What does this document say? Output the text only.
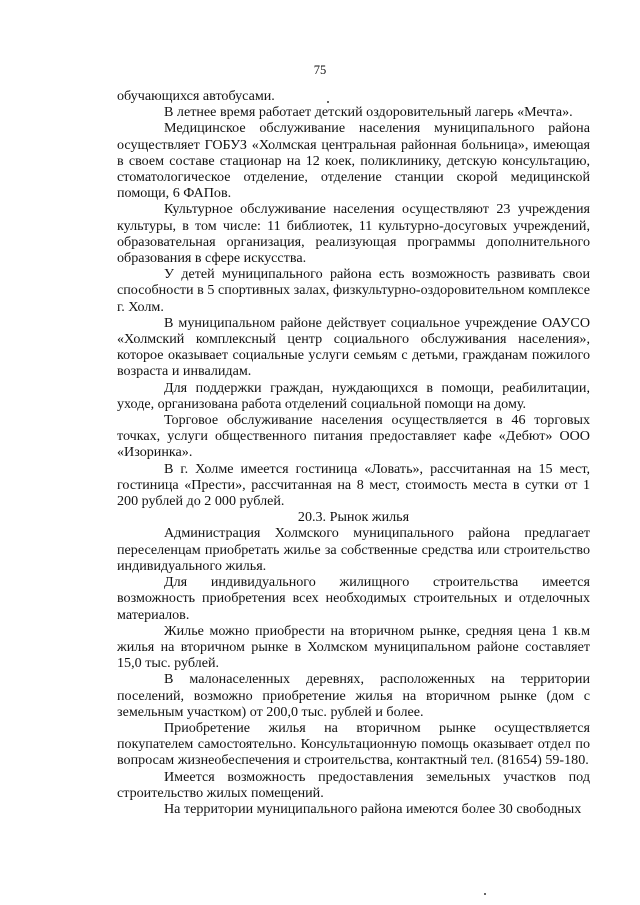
75

обучающихся автобусами.

В летнее время работает детский оздоровительный лагерь «Мечта».

Медицинское обслуживание населения муниципального района осуществляет ГОБУЗ «Холмская центральная районная больница», имеющая в своем составе стационар на 12 коек, поликлинику, детскую консультацию, стоматологическое отделение, отделение станции скорой медицинской помощи, 6 ФАПов.

Культурное обслуживание населения осуществляют 23 учреждения культуры, в том числе: 11 библиотек, 11 культурно-досуговых учреждений, образовательная организация, реализующая программы дополнительного образования в сфере искусства.

У детей муниципального района есть возможность развивать свои способности в 5 спортивных залах, физкультурно-оздоровительном комплексе г. Холм.

В муниципальном районе действует социальное учреждение ОАУСО «Холмский комплексный центр социального обслуживания населения», которое оказывает социальные услуги семьям с детьми, гражданам пожилого возраста и инвалидам.

Для поддержки граждан, нуждающихся в помощи, реабилитации, уходе, организована работа отделений социальной помощи на дому.

Торговое обслуживание населения осуществляется в 46 торговых точках, услуги общественного питания предоставляет кафе «Дебют» ООО «Изоринка».

В г. Холме имеется гостиница «Ловать», рассчитанная на 15 мест, гостиница «Прести», рассчитанная на 8 мест, стоимость места в сутки от 1 200 рублей до 2 000 рублей.

20.3. Рынок жилья

Администрация Холмского муниципального района предлагает переселенцам приобретать жилье за собственные средства или строительство индивидуального жилья.

Для индивидуального жилищного строительства имеется возможность приобретения всех необходимых строительных и отделочных материалов.

Жилье можно приобрести на вторичном рынке, средняя цена 1 кв.м жилья на вторичном рынке в Холмском муниципальном районе составляет 15,0 тыс. рублей.

В малонаселенных деревнях, расположенных на территории поселений, возможно приобретение жилья на вторичном рынке (дом с земельным участком) от 200,0 тыс. рублей и более.

Приобретение жилья на вторичном рынке осуществляется покупателем самостоятельно. Консультационную помощь оказывает отдел по вопросам жизнеобеспечения и строительства, контактный тел. (81654) 59-180.

Имеется возможность предоставления земельных участков под строительство жилых помещений.

На территории муниципального района имеются более 30 свободных
